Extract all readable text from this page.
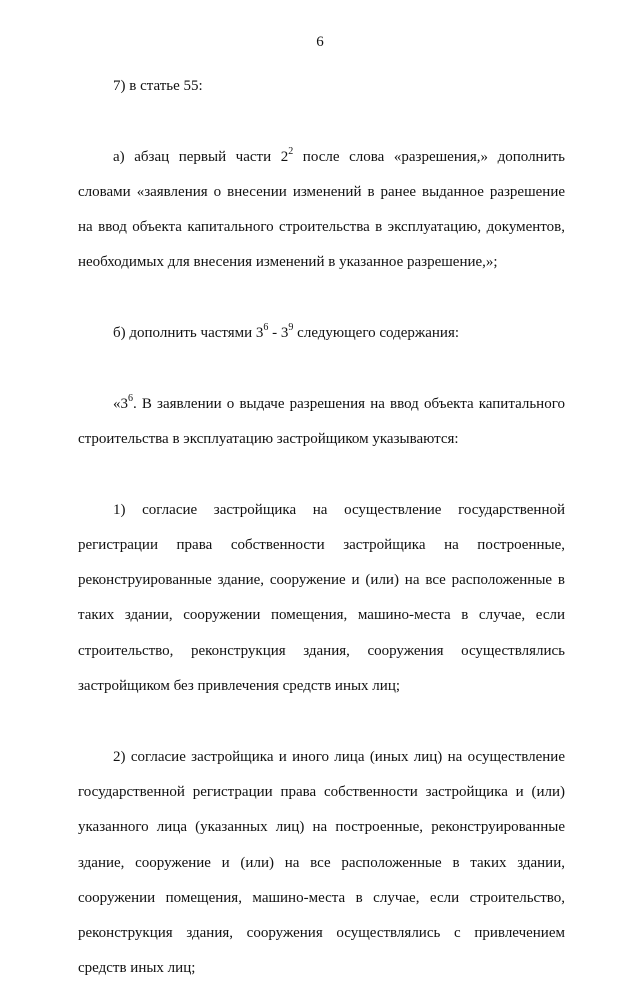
6
7) в статье 55:
а) абзац первый части $2^2$ после слова «разрешения,» дополнить
словами «заявления о внесении изменений в ранее выданное разрешение
на ввод объекта капитального строительства в эксплуатацию, документов,
необходимых для внесения изменений в указанное разрешение,»;
б) дополнить частями $3^6 - 3^9$ следующего содержания:
«$3^6$. В заявлении о выдаче разрешения на ввод объекта капитального
строительства в эксплуатацию застройщиком указываются:
1) согласие застройщика на осуществление государственной
регистрации права собственности застройщика на построенные,
реконструированные здание, сооружение и (или) на все расположенные в
таких здании, сооружении помещения, машино-места в случае, если
строительство, реконструкция здания, сооружения осуществлялись
застройщиком без привлечения средств иных лиц;
2) согласие застройщика и иного лица (иных лиц) на осуществление
государственной регистрации права собственности застройщика и (или)
указанного лица (указанных лиц) на построенные, реконструированные
здание, сооружение и (или) на все расположенные в таких здании,
сооружении помещения, машино-места в случае, если строительство,
реконструкция здания, сооружения осуществлялись с привлечением
средств иных лиц;
